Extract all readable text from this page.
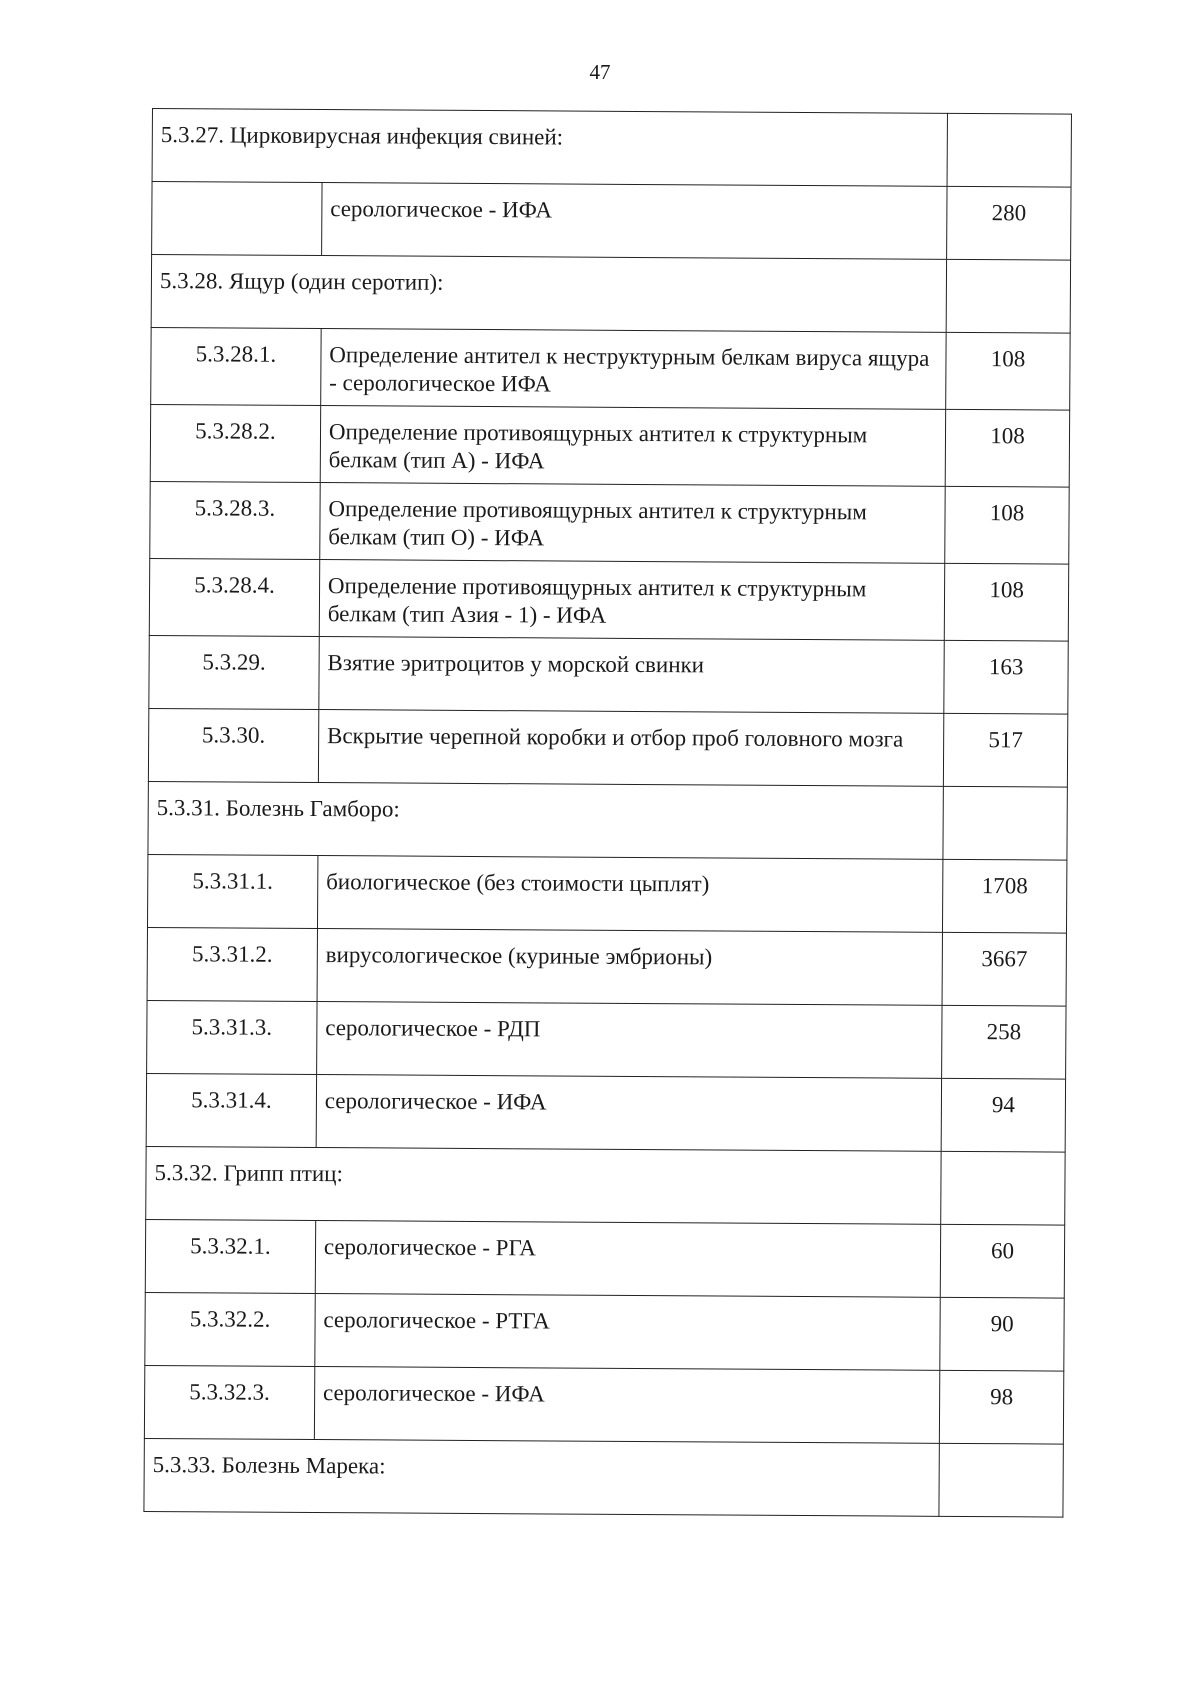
47
5.3.27. Цирковирусная инфекция свиней:		
	серологическое - ИФА	280
5.3.28. Ящур (один серотип):		
5.3.28.1.	Определение антител к неструктурным белкам вируса ящура - серологическое ИФА	108
5.3.28.2.	Определение противоящурных антител к структурным белкам (тип А) - ИФА	108
5.3.28.3.	Определение противоящурных антител к структурным белкам (тип О) - ИФА	108
5.3.28.4.	Определение противоящурных антител к структурным белкам (тип Азия - 1) - ИФА	108
5.3.29.	Взятие эритроцитов у морской свинки	163
5.3.30.	Вскрытие черепной коробки и отбор проб головного мозга	517
5.3.31. Болезнь Гамборо:		
5.3.31.1.	биологическое (без стоимости цыплят)	1708
5.3.31.2.	вирусологическое (куриные эмбрионы)	3667
5.3.31.3.	серологическое - РДП	258
5.3.31.4.	серологическое - ИФА	94
5.3.32. Грипп птиц:		
5.3.32.1.	серологическое - РГА	60
5.3.32.2.	серологическое - РТГА	90
5.3.32.3.	серологическое - ИФА	98
5.3.33. Болезнь Марека:		
